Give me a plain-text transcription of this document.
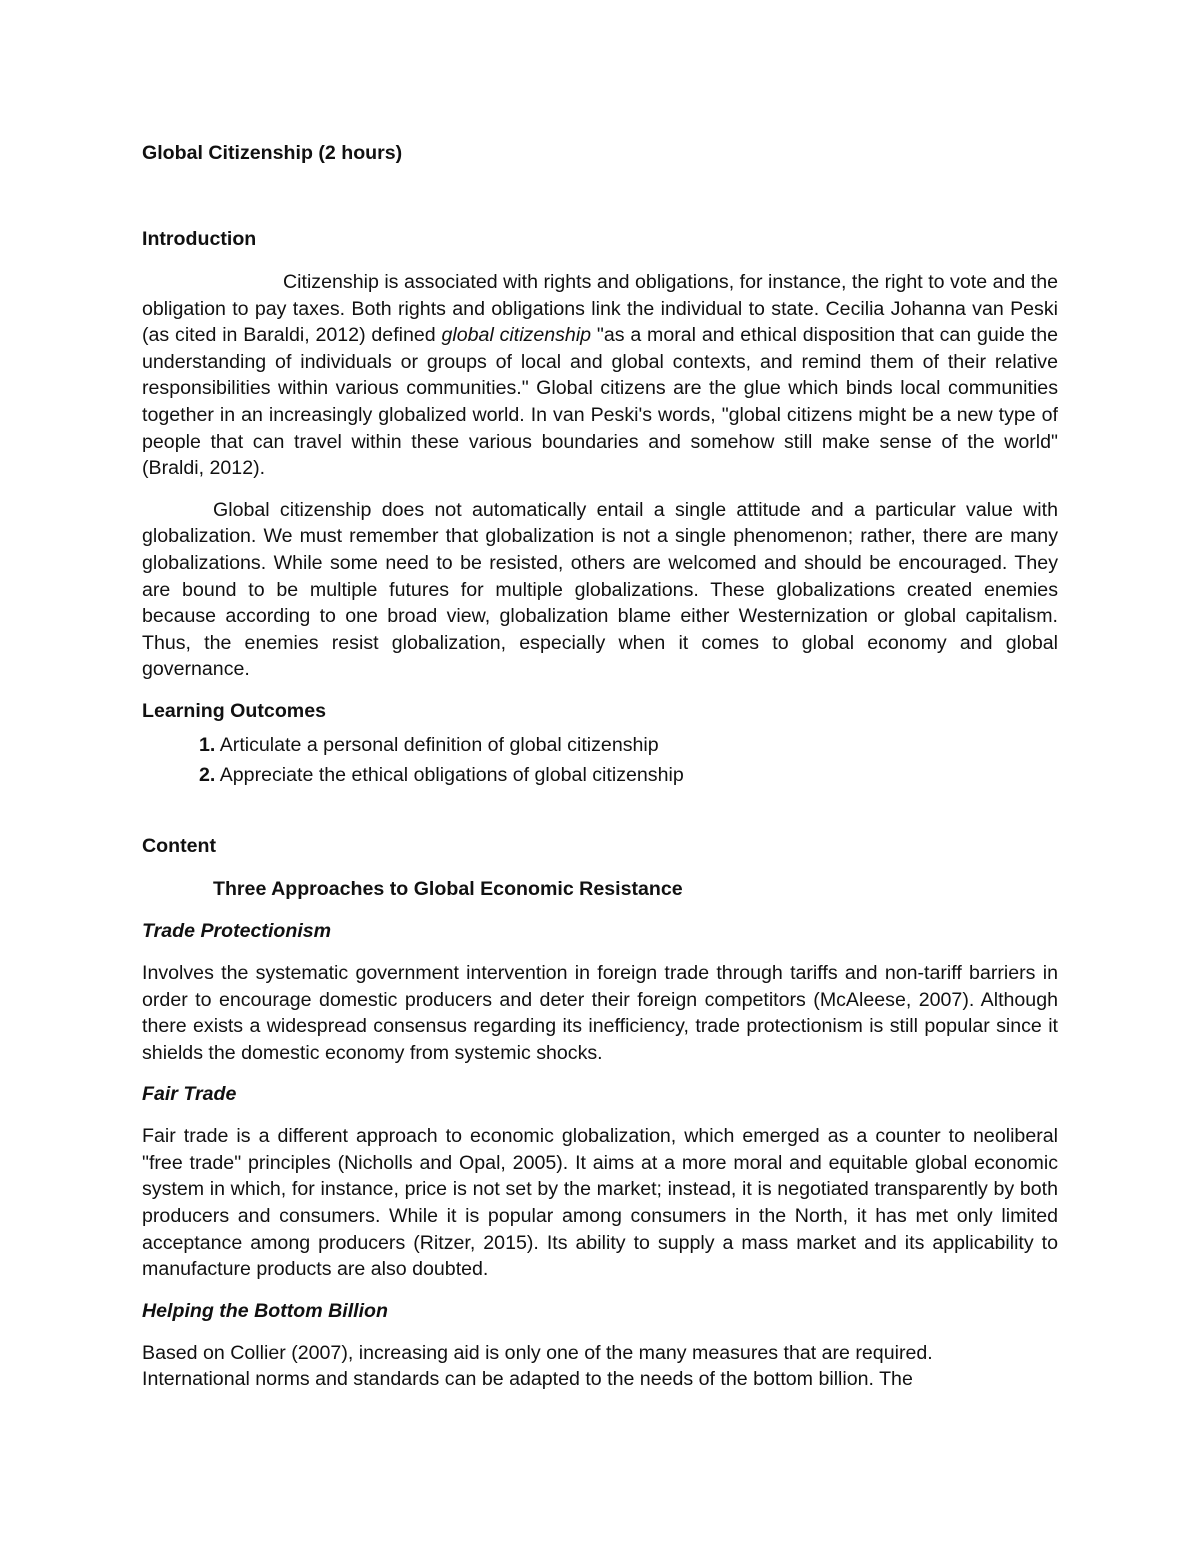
Global Citizenship (2 hours)
Introduction

Citizenship is associated with rights and obligations, for instance, the right to vote and the obligation to pay taxes. Both rights and obligations link the individual to state. Cecilia Johanna van Peski (as cited in Baraldi, 2012) defined global citizenship "as a moral and ethical disposition that can guide the understanding of individuals or groups of local and global contexts, and remind them of their relative responsibilities within various communities." Global citizens are the glue which binds local communities together in an increasingly globalized world. In van Peski's words, "global citizens might be a new type of people that can travel within these various boundaries and somehow still make sense of the world" (Braldi, 2012).

Global citizenship does not automatically entail a single attitude and a particular value with globalization. We must remember that globalization is not a single phenomenon; rather, there are many globalizations. While some need to be resisted, others are welcomed and should be encouraged. They are bound to be multiple futures for multiple globalizations. These globalizations created enemies because according to one broad view, globalization blame either Westernization or global capitalism. Thus, the enemies resist globalization, especially when it comes to global economy and global governance.

Learning Outcomes
1. Articulate a personal definition of global citizenship
2. Appreciate the ethical obligations of global citizenship
Content
Three Approaches to Global Economic Resistance
Trade Protectionism

Involves the systematic government intervention in foreign trade through tariffs and non-tariff barriers in order to encourage domestic producers and deter their foreign competitors (McAleese, 2007). Although there exists a widespread consensus regarding its inefficiency, trade protectionism is still popular since it shields the domestic economy from systemic shocks.

Fair Trade

Fair trade is a different approach to economic globalization, which emerged as a counter to neoliberal "free trade" principles (Nicholls and Opal, 2005). It aims at a more moral and equitable global economic system in which, for instance, price is not set by the market; instead, it is negotiated transparently by both producers and consumers. While it is popular among consumers in the North, it has met only limited acceptance among producers (Ritzer, 2015). Its ability to supply a mass market and its applicability to manufacture products are also doubted.

Helping the Bottom Billion

Based on Collier (2007), increasing aid is only one of the many measures that are required.
International norms and standards can be adapted to the needs of the bottom billion. The
